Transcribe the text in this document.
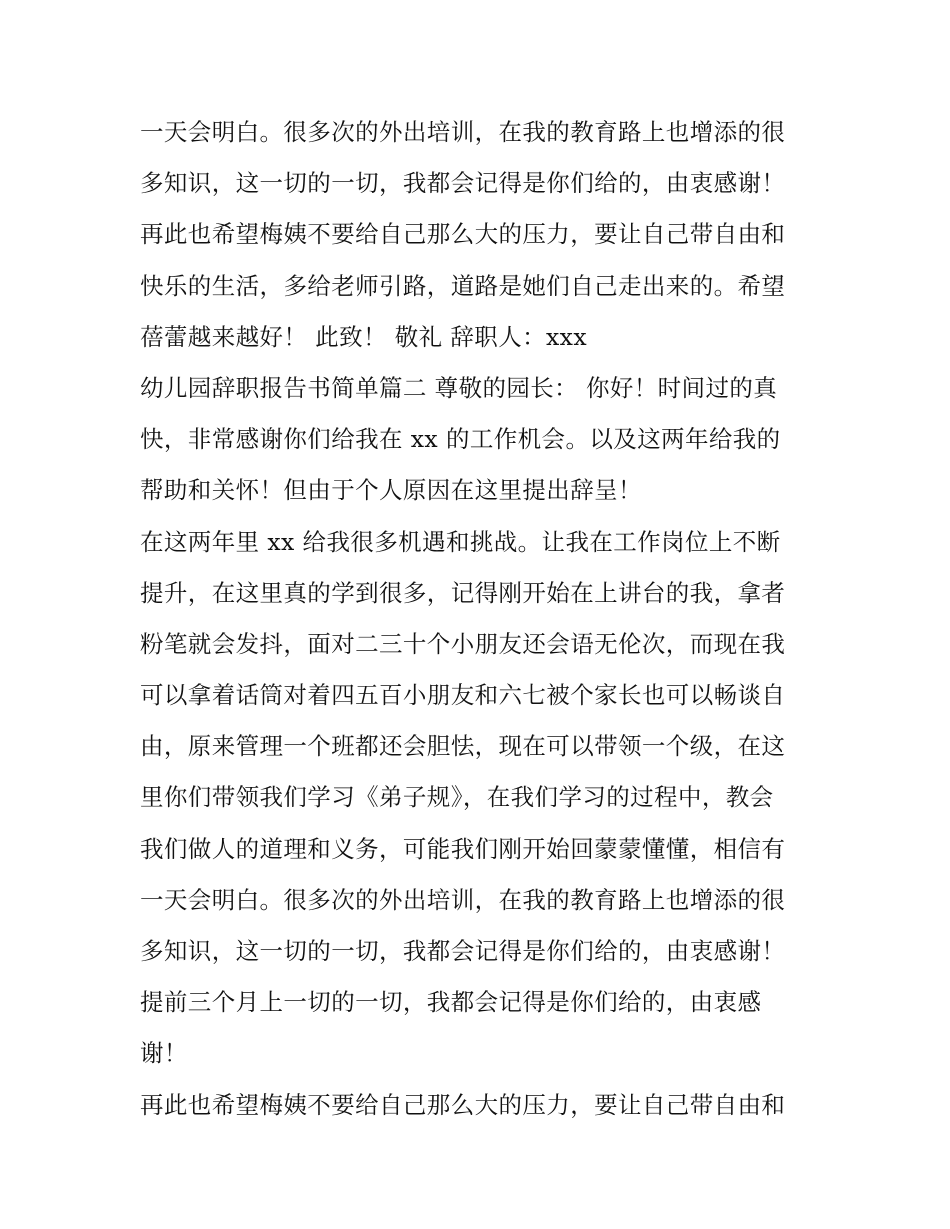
一天会明白。很多次的外出培训，在我的教育路上也增添的很

多知识，这一切的一切，我都会记得是你们给的，由衷感谢！

再此也希望梅姨不要给自己那么大的压力，要让自己带自由和

快乐的生活，多给老师引路，道路是她们自己走出来的。希望

蓓蕾越来越好！ 此致！ 敬礼 辞职人：xxx

幼儿园辞职报告书简单篇二 尊敬的园长： 你好！时间过的真

快，非常感谢你们给我在 xx 的工作机会。以及这两年给我的

帮助和关怀！但由于个人原因在这里提出辞呈！

在这两年里 xx 给我很多机遇和挑战。让我在工作岗位上不断

提升，在这里真的学到很多，记得刚开始在上讲台的我，拿者

粉笔就会发抖，面对二三十个小朋友还会语无伦次，而现在我

可以拿着话筒对着四五百小朋友和六七被个家长也可以畅谈自

由，原来管理一个班都还会胆怯，现在可以带领一个级，在这

里你们带领我们学习《弟子规》，在我们学习的过程中，教会

我们做人的道理和义务，可能我们刚开始回蒙蒙懂懂，相信有

一天会明白。很多次的外出培训，在我的教育路上也增添的很

多知识，这一切的一切，我都会记得是你们给的，由衷感谢！

提前三个月上一切的一切，我都会记得是你们给的，由衷感

谢！

再此也希望梅姨不要给自己那么大的压力，要让自己带自由和
